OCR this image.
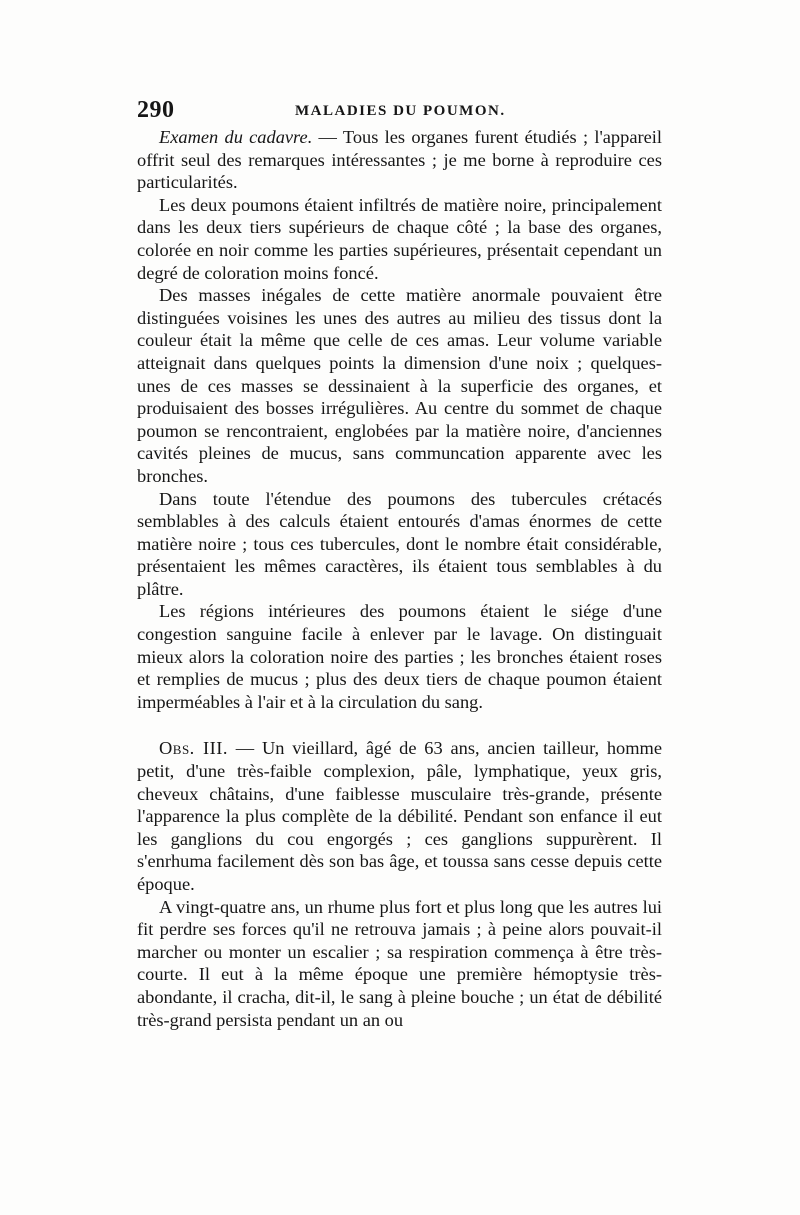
290	MALADIES DU POUMON.

Examen du cadavre. — Tous les organes furent étudiés ; l'appareil offrit seul des remarques intéressantes ; je me borne à reproduire ces particularités.

Les deux poumons étaient infiltrés de matière noire, principalement dans les deux tiers supérieurs de chaque côté ; la base des organes, colorée en noir comme les parties supérieures, présentait cependant un degré de coloration moins foncé.

Des masses inégales de cette matière anormale pouvaient être distinguées voisines les unes des autres au milieu des tissus dont la couleur était la même que celle de ces amas. Leur volume variable atteignait dans quelques points la dimension d'une noix ; quelques-unes de ces masses se dessinaient à la superficie des organes, et produisaient des bosses irrégulières. Au centre du sommet de chaque poumon se rencontraient, englobées par la matière noire, d'anciennes cavités pleines de mucus, sans communcation apparente avec les bronches.

Dans toute l'étendue des poumons des tubercules crétacés semblables à des calculs étaient entourés d'amas énormes de cette matière noire ; tous ces tubercules, dont le nombre était considérable, présentaient les mêmes caractères, ils étaient tous semblables à du plâtre.

Les régions intérieures des poumons étaient le siége d'une congestion sanguine facile à enlever par le lavage. On distinguait mieux alors la coloration noire des parties ; les bronches étaient roses et remplies de mucus ; plus des deux tiers de chaque poumon étaient imperméables à l'air et à la circulation du sang.

Obs. III. — Un vieillard, âgé de 63 ans, ancien tailleur, homme petit, d'une très-faible complexion, pâle, lymphatique, yeux gris, cheveux châtains, d'une faiblesse musculaire très-grande, présente l'apparence la plus complète de la débilité. Pendant son enfance il eut les ganglions du cou engorgés ; ces ganglions suppurèrent. Il s'enrhuma facilement dès son bas âge, et toussa sans cesse depuis cette époque.

A vingt-quatre ans, un rhume plus fort et plus long que les autres lui fit perdre ses forces qu'il ne retrouva jamais ; à peine alors pouvait-il marcher ou monter un escalier ; sa respiration commença à être très-courte. Il eut à la même époque une première hémoptysie très-abondante, il cracha, dit-il, le sang à pleine bouche ; un état de débilité très-grand persista pendant un an ou
